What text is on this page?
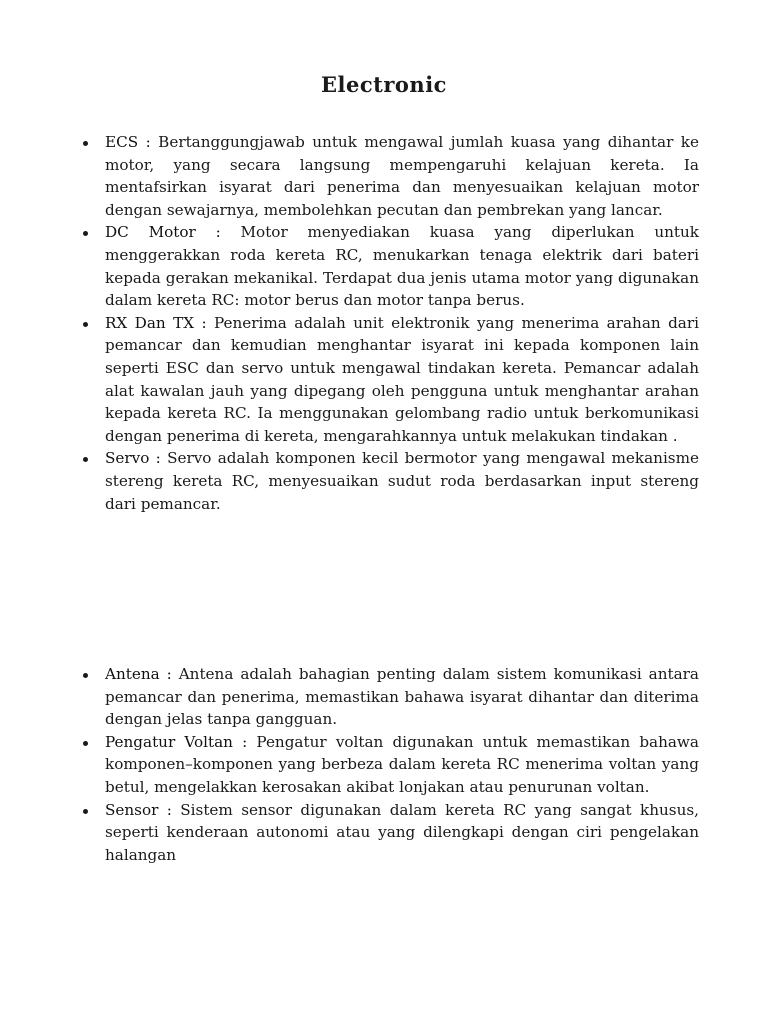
Electronic
ECS : Bertanggungjawab untuk mengawal jumlah kuasa yang dihantar ke motor, yang secara langsung mempengaruhi kelajuan kereta. Ia mentafsirkan isyarat dari penerima dan menyesuaikan kelajuan motor dengan sewajarnya, membolehkan pecutan dan pembrekan yang lancar.
DC Motor : Motor menyediakan kuasa yang diperlukan untuk menggerakkan roda kereta RC, menukarkan tenaga elektrik dari bateri kepada gerakan mekanikal. Terdapat dua jenis utama motor yang digunakan dalam kereta RC: motor berus dan motor tanpa berus.
RX Dan TX : Penerima adalah unit elektronik yang menerima arahan dari pemancar dan kemudian menghantar isyarat ini kepada komponen lain seperti ESC dan servo untuk mengawal tindakan kereta. Pemancar adalah alat kawalan jauh yang dipegang oleh pengguna untuk menghantar arahan kepada kereta RC. Ia menggunakan gelombang radio untuk berkomunikasi dengan penerima di kereta, mengarahkannya untuk melakukan tindakan .
Servo : Servo adalah komponen kecil bermotor yang mengawal mekanisme stereng kereta RC, menyesuaikan sudut roda berdasarkan input stereng dari pemancar.
Antena : Antena adalah bahagian penting dalam sistem komunikasi antara pemancar dan penerima, memastikan bahawa isyarat dihantar dan diterima dengan jelas tanpa gangguan.
Pengatur Voltan : Pengatur voltan digunakan untuk memastikan bahawa komponen–komponen yang berbeza dalam kereta RC menerima voltan yang betul, mengelakkan kerosakan akibat lonjakan atau penurunan voltan.
Sensor : Sistem sensor digunakan dalam kereta RC yang sangat khusus, seperti kenderaan autonomi atau yang dilengkapi dengan ciri pengelakan halangan
